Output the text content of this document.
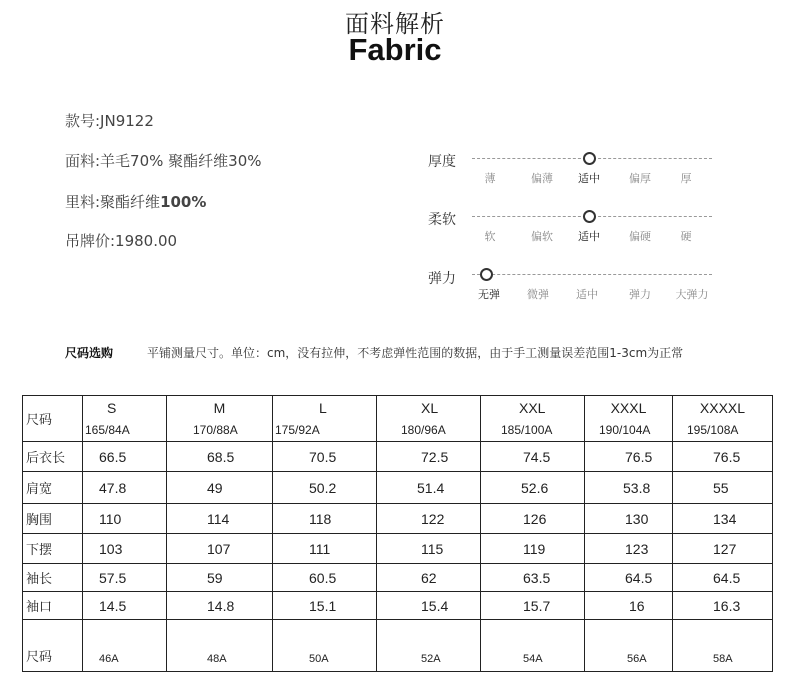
面料解析
Fabric
款号:JN9122
面料:羊毛70% 聚酯纤维30%
里料:聚酯纤维100%
吊牌价:1980.00
厚度
薄	偏薄	适中	偏厚	厚
柔软
软	偏软	适中	偏硬	硬
弹力
无弹	微弹	适中	弹力	大弹力
尺码选购	平铺测量尺寸。单位：cm，没有拉伸，不考虑弹性范围的数据，由于手工测量误差范围1-3cm为正常
尺码	S	M	L	XL	XXL	XXXL	XXXXL
	165/84A	170/88A	175/92A	180/96A	185/100A	190/104A	195/108A
后衣长	66.5	68.5	70.5	72.5	74.5	76.5	76.5
肩宽	47.8	49	50.2	51.4	52.6	53.8	55
胸围	110	114	118	122	126	130	134
下摆	103	107	111	115	119	123	127
袖长	57.5	59	60.5	62	63.5	64.5	64.5
袖口	14.5	14.8	15.1	15.4	15.7	16	16.3
尺码	46A	48A	50A	52A	54A	56A	58A
